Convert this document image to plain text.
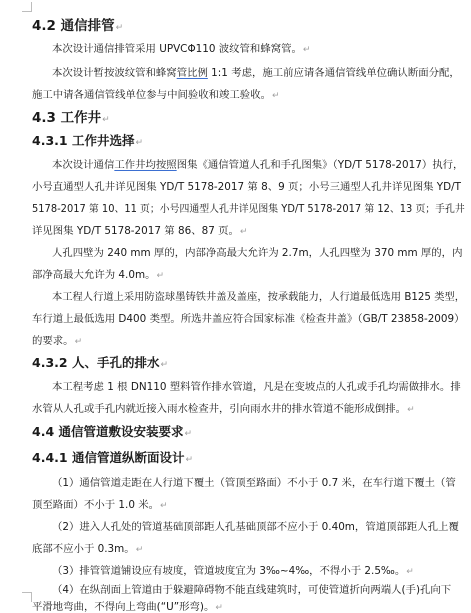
4.2 通信排管↵
本次设计通信排管采用 UPVCΦ110 波纹管和蜂窝管。↵
本次设计暂按波纹管和蜂窝管比例 1:1 考虑，施工前应请各通信管线单位确认断面分配，
施工中请各通信管线单位参与中间验收和竣工验收。↵
4.3 工作井↵
4.3.1 工作井选择↵
本次设计通信工作井均按照图集《通信管道人孔和手孔图集》（YD/T 5178-2017）执行，
小号直通型人孔井详见图集 YD/T 5178-2017 第 8、9 页；小号三通型人孔井详见图集 YD/T
5178-2017 第 10、11 页；小号四通型人孔井详见图集 YD/T 5178-2017 第 12、13 页；手孔井
详见图集 YD/T 5178-2017 第 86、87 页。↵
人孔四壁为 240 mm 厚的，内部净高最大允许为 2.7m，人孔四壁为 370 mm 厚的，内
部净高最大允许为 4.0m。↵
本工程人行道上采用防盗球墨铸铁井盖及盖座，按承载能力，人行道最低选用 B125 类型，
车行道上最低选用 D400 类型。所选井盖应符合国家标准《检查井盖》（GB/T 23858-2009）
的要求。↵
4.3.2 人、手孔的排水↵
本工程考虑 1 根 DN110 塑料管作排水管道，凡是在变坡点的人孔或手孔均需做排水。排
水管从人孔或手孔内就近接入雨水检查井，引向雨水井的排水管道不能形成倒排。↵
4.4 通信管道敷设安装要求↵
4.4.1 通信管道纵断面设计↵
（1）通信管道走距在人行道下覆土（管顶至路面）不小于 0.7 米，在车行道下覆土（管
顶至路面）不小于 1.0 米。↵
（2）进入人孔处的管道基础顶部距人孔基础顶部不应小于 0.40m，管道顶部距人孔上覆
底部不应小于 0.3m。↵
（3）排管管道铺设应有坡度，管道坡度宜为 3‰~4‰，不得小于 2.5‰。↵
（4）在纵剖面上管道由于躲避障碍物不能直线建筑时，可使管道折向两端人(手)孔向下
平滑地弯曲，不得向上弯曲(“U”形弯)。↵
